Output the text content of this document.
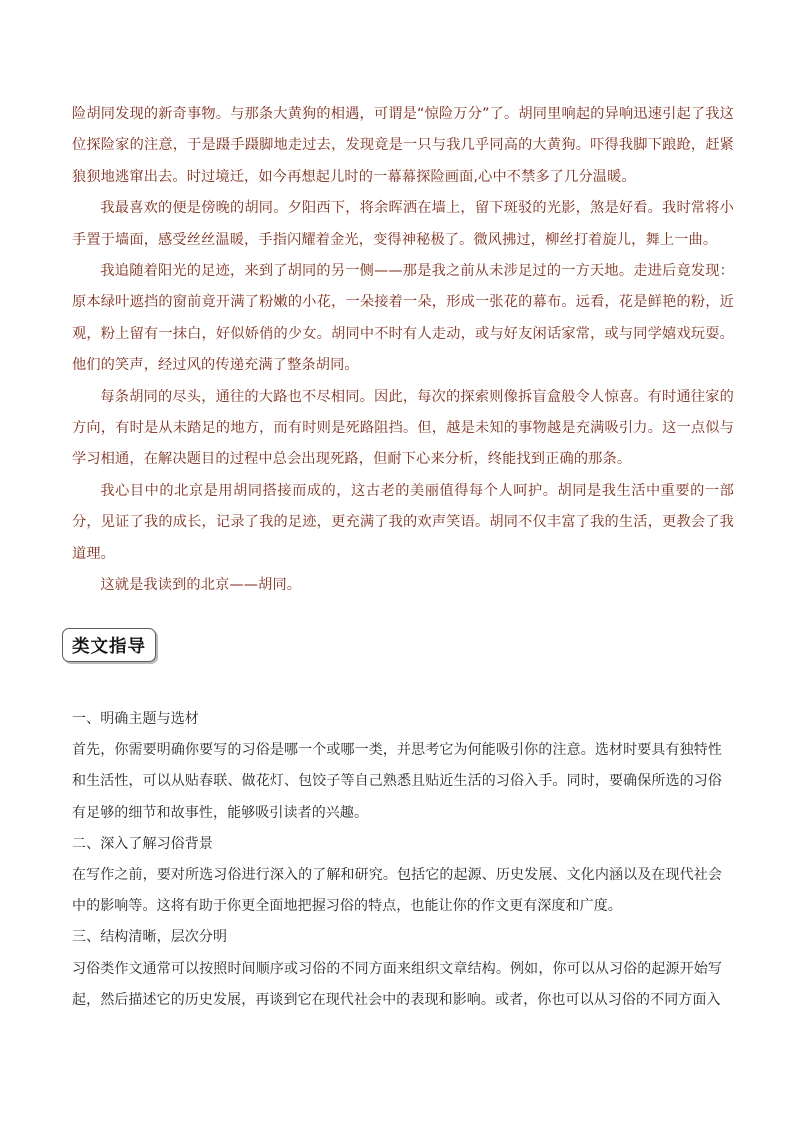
险胡同发现的新奇事物。与那条大黄狗的相遇，可谓是“惊险万分”了。胡同里响起的异响迅速引起了我这位探险家的注意，于是蹑手蹑脚地走过去，发现竟是一只与我几乎同高的大黄狗。吓得我脚下踉跄，赶紧狼狈地逃窜出去。时过境迁，如今再想起儿时的一幕幕探险画面,心中不禁多了几分温暖。

我最喜欢的便是傍晚的胡同。夕阳西下，将余晖洒在墙上，留下斑驳的光影，煞是好看。我时常将小手置于墙面，感受丝丝温暖，手指闪耀着金光，变得神秘极了。微风拂过，柳丝打着旋儿，舞上一曲。

我追随着阳光的足迹，来到了胡同的另一侧——那是我之前从未涉足过的一方天地。走进后竟发现：原本绿叶遮挡的窗前竟开满了粉嫩的小花，一朵接着一朵，形成一张花的幕布。远看，花是鲜艳的粉，近观，粉上留有一抹白，好似娇俏的少女。胡同中不时有人走动，或与好友闲话家常，或与同学嬉戏玩耍。他们的笑声，经过风的传递充满了整条胡同。

每条胡同的尽头，通往的大路也不尽相同。因此，每次的探索则像拆盲盒般令人惊喜。有时通往家的方向，有时是从未踏足的地方，而有时则是死路阻挡。但，越是未知的事物越是充满吸引力。这一点似与学习相通，在解决题目的过程中总会出现死路，但耐下心来分析，终能找到正确的那条。

我心目中的北京是用胡同搭接而成的，这古老的美丽值得每个人呵护。胡同是我生活中重要的一部分，见证了我的成长，记录了我的足迹，更充满了我的欢声笑语。胡同不仅丰富了我的生活，更教会了我道理。

这就是我读到的北京——胡同。

类文指导

一、明确主题与选材

首先，你需要明确你要写的习俗是哪一个或哪一类，并思考它为何能吸引你的注意。选材时要具有独特性和生活性，可以从贴春联、做花灯、包饺子等自己熟悉且贴近生活的习俗入手。同时，要确保所选的习俗有足够的细节和故事性，能够吸引读者的兴趣。

二、深入了解习俗背景

在写作之前，要对所选习俗进行深入的了解和研究。包括它的起源、历史发展、文化内涵以及在现代社会中的影响等。这将有助于你更全面地把握习俗的特点，也能让你的作文更有深度和广度。

三、结构清晰，层次分明

习俗类作文通常可以按照时间顺序或习俗的不同方面来组织文章结构。例如，你可以从习俗的起源开始写起，然后描述它的历史发展，再谈到它在现代社会中的表现和影响。或者，你也可以从习俗的不同方面入
